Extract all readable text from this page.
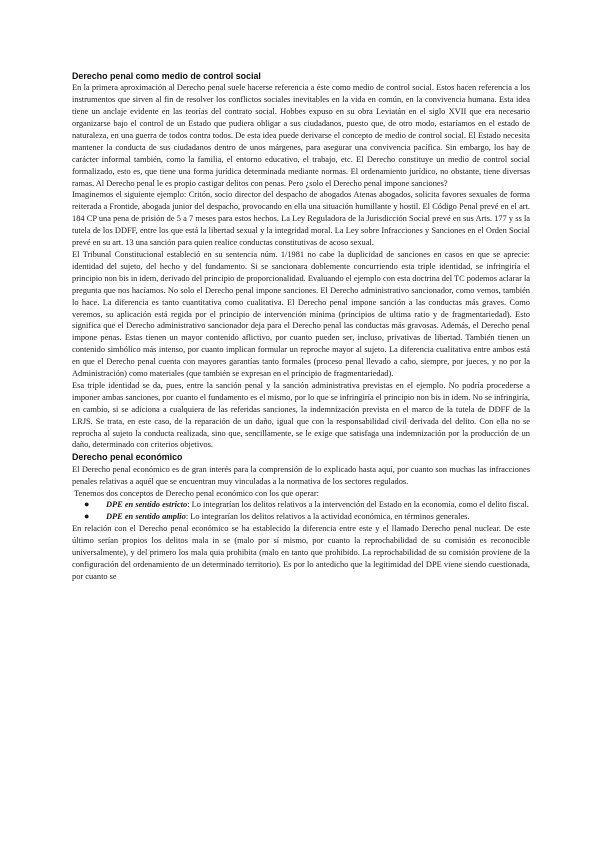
Derecho penal como medio de control social

En la primera aproximación al Derecho penal suele hacerse referencia a éste como medio de control social. Estos hacen referencia a los instrumentos que sirven al fin de resolver los conflictos sociales inevitables en la vida en común, en la convivencia humana. Esta idea tiene un anclaje evidente en las teorías del contrato social. Hobbes expuso en su obra Leviatán en el siglo XVII que era necesario organizarse bajo el control de un Estado que pudiera obligar a sus ciudadanos, puesto que, de otro modo, estaríamos en el estado de naturaleza, en una guerra de todos contra todos. De esta idea puede derivarse el concepto de medio de control social. El Estado necesita mantener la conducta de sus ciudadanos dentro de unos márgenes, para asegurar una convivencia pacífica. Sin embargo, los hay de carácter informal también, como la familia, el entorno educativo, el trabajo, etc. El Derecho constituye un medio de control social formalizado, esto es, que tiene una forma jurídica determinada mediante normas. El ordenamiento jurídico, no obstante, tiene diversas ramas. Al Derecho penal le es propio castigar delitos con penas. Pero ¿solo el Derecho penal impone sanciones?

Imaginemos el siguiente ejemplo: Critón, socio director del despacho de abogados Atenas abogados, solicita favores sexuales de forma reiterada a Frontide, abogada junior del despacho, provocando en ella una situación humillante y hostil. El Código Penal prevé en el art. 184 CP una pena de prisión de 5 a 7 meses para estos hechos. La Ley Reguladora de la Jurisdicción Social prevé en sus Arts. 177 y ss la tutela de los DDFF, entre los que está la libertad sexual y la integridad moral. La Ley sobre Infracciones y Sanciones en el Orden Social prevé en su art. 13 una sanción para quien realice conductas constitutivas de acoso sexual.

El Tribunal Constitucional estableció en su sentencia núm. 1/1981 no cabe la duplicidad de sanciones en casos en que se aprecie: identidad del sujeto, del hecho y del fundamento. Si se sancionara doblemente concurriendo esta triple identidad, se infringiría el principio non bis in idem, derivado del principio de proporcionalidad. Evaluando el ejemplo con esta doctrina del TC podemos aclarar la pregunta que nos hacíamos. No solo el Derecho penal impone sanciones. El Derecho administrativo sancionador, como vemos, también lo hace. La diferencia es tanto cuantitativa como cualitativa. El Derecho penal impone sanción a las conductas más graves. Como veremos, su aplicación está regida por el principio de intervención mínima (principios de ultima ratio y de fragmentariedad). Esto significa que el Derecho administrativo sancionador deja para el Derecho penal las conductas más gravosas. Además, el Derecho penal impone penas. Estas tienen un mayor contenido aflictivo, por cuanto pueden ser, incluso, privativas de libertad. También tienen un contenido simbólico más intenso, por cuanto implican formular un reproche mayor al sujeto. La diferencia cualitativa entre ambos está en que el Derecho penal cuenta con mayores garantías tanto formales (proceso penal llevado a cabo, siempre, por jueces, y no por la Administración) como materiales (que también se expresan en el principio de fragmentariedad).

Esa triple identidad se da, pues, entre la sanción penal y la sanción administrativa previstas en el ejemplo. No podría procederse a imponer ambas sanciones, por cuanto el fundamento es el mismo, por lo que se infringiría el principio non bis in idem. No se infringiría, en cambio, si se adiciona a cualquiera de las referidas sanciones, la indemnización prevista en el marco de la tutela de DDFF de la LRJS. Se trata, en este caso, de la reparación de un daño, igual que con la responsabilidad civil derivada del delito. Con ella no se reprocha al sujeto la conducta realizada, sino que, sencillamente, se le exige que satisfaga una indemnización por la producción de un daño, determinado con criterios objetivos.

Derecho penal económico

El Derecho penal económico es de gran interés para la comprensión de lo explicado hasta aquí, por cuanto son muchas las infracciones penales relativas a aquél que se encuentran muy vinculadas a la normativa de los sectores regulados.

Tenemos dos conceptos de Derecho penal económico con los que operar:

● DPE en sentido estricto: Lo integrarían los delitos relativos a la intervención del Estado en la economía, como el delito fiscal.
● DPE en sentido amplio: Lo integrarían los delitos relativos a la actividad económica, en términos generales.

En relación con el Derecho penal económico se ha establecido la diferencia entre este y el llamado Derecho penal nuclear. De este último serían propios los delitos mala in se (malo por sí mismo, por cuanto la reprochabilidad de su comisión es reconocible universalmente), y del primero los mala quia prohibita (malo en tanto que prohibido. La reprochabilidad de su comisión proviene de la configuración del ordenamiento de un determinado territorio). Es por lo antedicho que la legitimidad del DPE viene siendo cuestionada, por cuanto se
